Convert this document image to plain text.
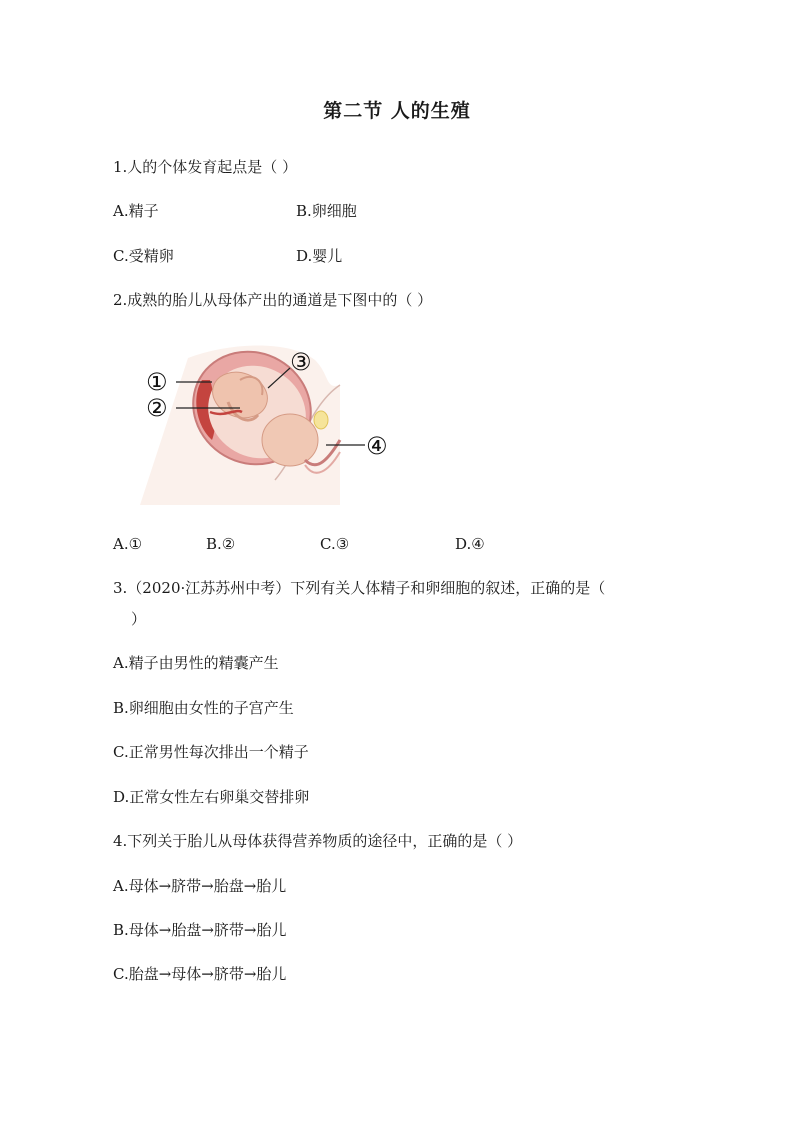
第二节 人的生殖
1.人的个体发育起点是（ ）
A.精子	B.卵细胞
C.受精卵	D.婴儿
2.成熟的胎儿从母体产出的通道是下图中的（ ）
①
②
③
④
A.①	B.②	C.③	D.④
3.（2020·江苏苏州中考）下列有关人体精子和卵细胞的叙述，正确的是（
）
A.精子由男性的精囊产生
B.卵细胞由女性的子宫产生
C.正常男性每次排出一个精子
D.正常女性左右卵巢交替排卵
4.下列关于胎儿从母体获得营养物质的途径中，正确的是（ ）
A.母体→脐带→胎盘→胎儿
B.母体→胎盘→脐带→胎儿
C.胎盘→母体→脐带→胎儿
